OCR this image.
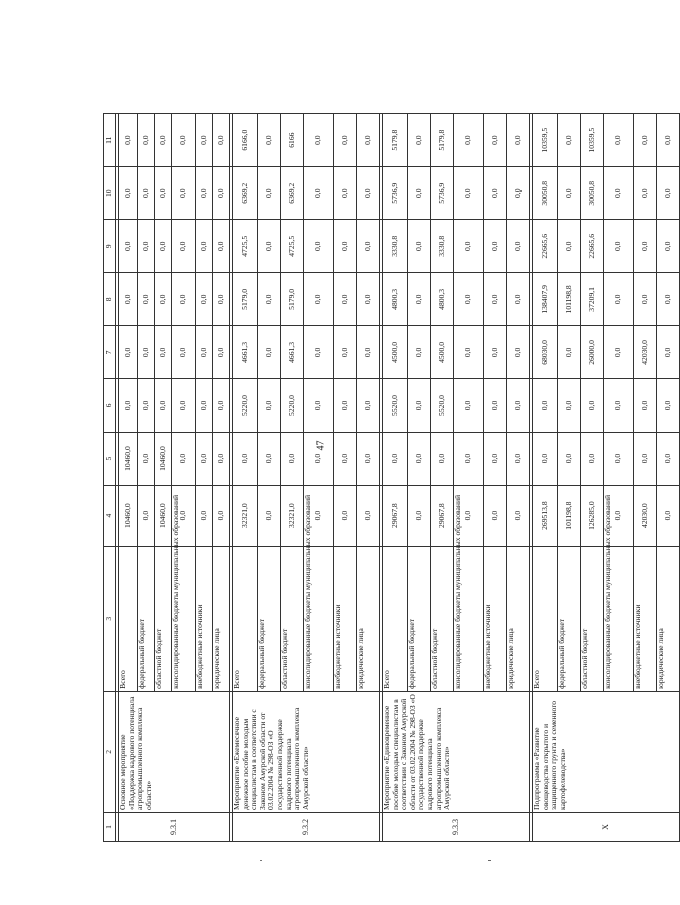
47
1	2	3	4	5	6	7	8	9	10	11

9.3.1	Основное мероприятие «Поддержка кадрового потенциала агропромышленного комплекса области»	Всего	10460,0	10460,0	0,0	0,0	0,0	0,0	0,0	0,0
		федеральный бюджет	0,0	0,0	0,0	0,0	0,0	0,0	0,0	0,0
		областной бюджет	10460,0	10460,0	0,0	0,0	0,0	0,0	0,0	0,0
		консолидированные бюджеты муниципальных образований	0,0	0,0	0,0	0,0	0,0	0,0	0,0	0,0
		внебюджетные источники	0,0	0,0	0,0	0,0	0,0	0,0	0,0	0,0
		юридические лица	0,0	0,0	0,0	0,0	0,0	0,0	0,0	0,0

9.3.2	Мероприятие «Ежемесячное денежное пособие молодым специалистам в соответствии с Законом Амурской области от 03.02.2004 № 298-ОЗ «О государственной поддержке кадрового потенциала агропромышленного комплекса Амурской области»	Всего	32321,0	0,0	5220,0	4661,3	5179,0	4725,5	6369,2	6166,0
		федеральный бюджет	0,0	0,0	0,0	0,0	0,0	0,0	0,0	0,0
		областной бюджет	32321,0	0,0	5220,0	4661,3	5179,0	4725,5	6369,2	6166
		консолидированные бюджеты муниципальных образований	0,0	0,0	0,0	0,0	0,0	0,0	0,0	0,0
		внебюджетные источники	0,0	0,0	0,0	0,0	0,0	0,0	0,0	0,0
		юридические лица	0,0	0,0	0,0	0,0	0,0	0,0	0,0	0,0

9.3.3	Мероприятие «Единовременное пособие молодым специалистам в соответствии с Законом Амурской области от 03.02.2004 № 298-ОЗ «О государственной поддержке кадрового потенциала агропромышленного комплекса Амурской области»	Всего	29067,8	0,0	5520,0	4500,0	4800,3	3330,8	5736,9	5179,8
		федеральный бюджет	0,0	0,0	0,0	0,0	0,0	0,0	0,0	0,0
		областной бюджет	29067,8	0,0	5520,0	4500,0	4800,3	3330,8	5736,9	5179,8
		консолидированные бюджеты муниципальных образований	0,0	0,0	0,0	0,0	0,0	0,0	0,0	0,0
		внебюджетные источники	0,0	0,0	0,0	0,0	0,0	0,0	0,0	0,0
		юридические лица	0,0	0,0	0,0	0,0	0,0	0,0	0,0	0,0

X	Подпрограмма «Развитие овощеводства открытого и защищенного грунта и семенного картофелеводства»	Всего	269513,8	0,0	0,0	68030,0	138407,9	22665,6	30050,8	10359,5
		федеральный бюджет	101198,8	0,0	0,0	0,0	101198,8	0,0	0,0	0,0
		областной бюджет	126285,0	0,0	0,0	26000,0	37209,1	22665,6	30050,8	10359,5
		консолидированные бюджеты муниципальных образований	0,0	0,0	0,0	0,0	0,0	0,0	0,0	0,0
		внебюджетные источники	42030,0	0,0	0,0	42030,0	0,0	0,0	0,0	0,0
		юридические лица	0,0	0,0	0,0	0,0	0,0	0,0	0,0	0,0
